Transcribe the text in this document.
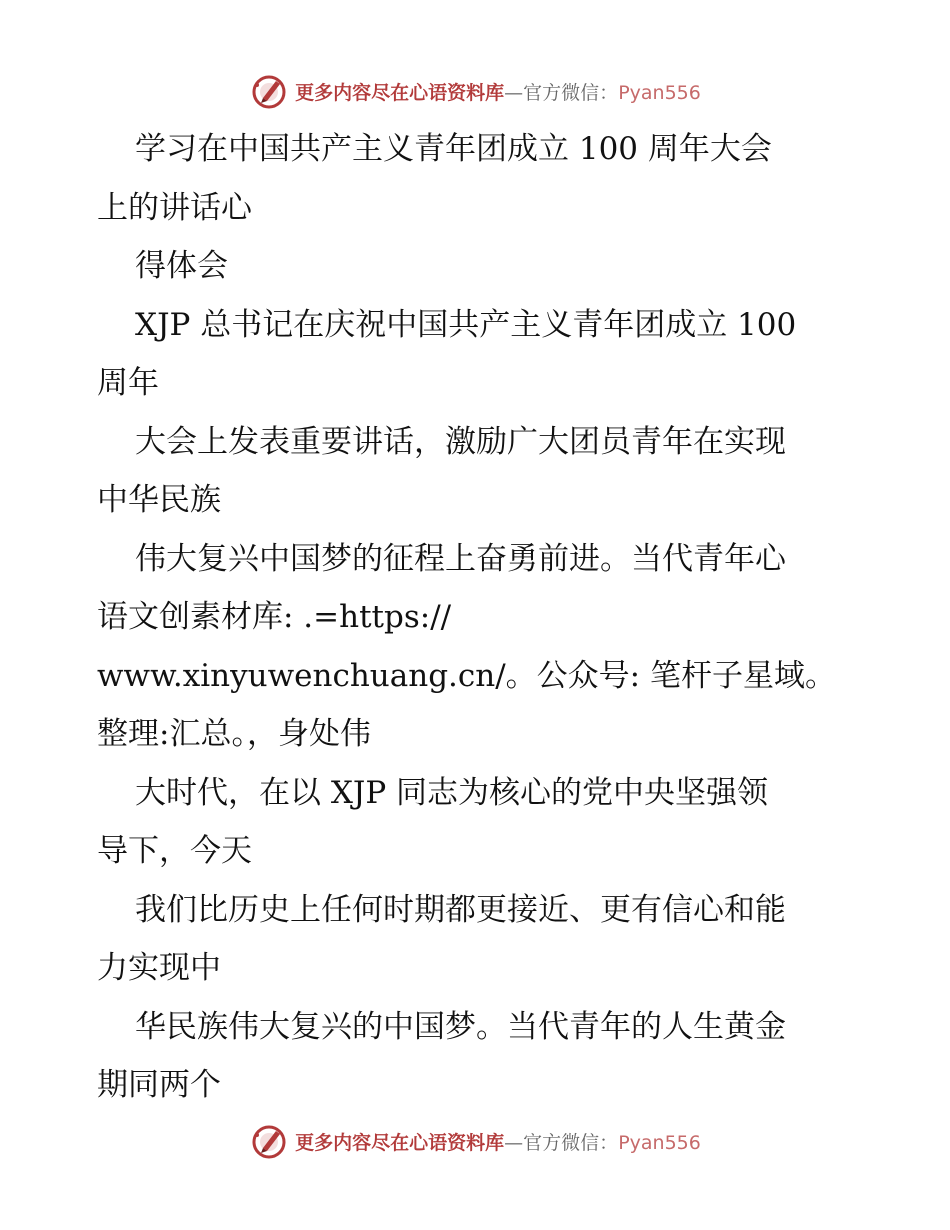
更多内容尽在心语资料库—官方微信：Pyan556
学习在中国共产主义青年团成立 100 周年大会
上的讲话心
得体会
XJP 总书记在庆祝中国共产主义青年团成立 100
周年
大会上发表重要讲话，激励广大团员青年在实现
中华民族
伟大复兴中国梦的征程上奋勇前进。当代青年心
语文创素材库: .=https://
www.xinyuwenchuang.cn/。公众号: 笔杆子星域。
整理:汇总。，身处伟
大时代，在以 XJP 同志为核心的党中央坚强领
导下，今天
我们比历史上任何时期都更接近、更有信心和能
力实现中
华民族伟大复兴的中国梦。当代青年的人生黄金
期同两个
更多内容尽在心语资料库—官方微信：Pyan556
